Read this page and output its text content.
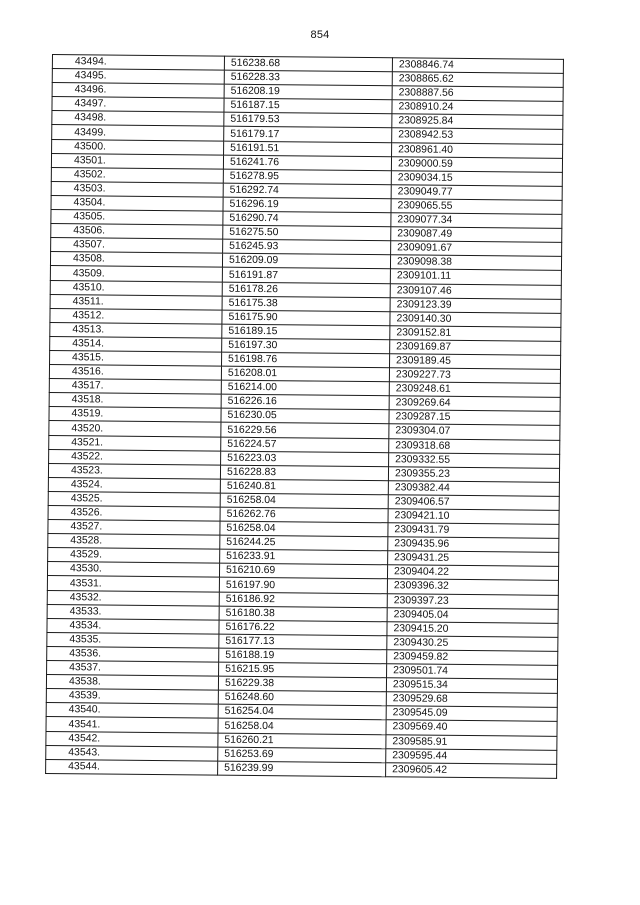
854
43494.	516238.68	2308846.74
43495.	516228.33	2308865.62
43496.	516208.19	2308887.56
43497.	516187.15	2308910.24
43498.	516179.53	2308925.84
43499.	516179.17	2308942.53
43500.	516191.51	2308961.40
43501.	516241.76	2309000.59
43502.	516278.95	2309034.15
43503.	516292.74	2309049.77
43504.	516296.19	2309065.55
43505.	516290.74	2309077.34
43506.	516275.50	2309087.49
43507.	516245.93	2309091.67
43508.	516209.09	2309098.38
43509.	516191.87	2309101.11
43510.	516178.26	2309107.46
43511.	516175.38	2309123.39
43512.	516175.90	2309140.30
43513.	516189.15	2309152.81
43514.	516197.30	2309169.87
43515.	516198.76	2309189.45
43516.	516208.01	2309227.73
43517.	516214.00	2309248.61
43518.	516226.16	2309269.64
43519.	516230.05	2309287.15
43520.	516229.56	2309304.07
43521.	516224.57	2309318.68
43522.	516223.03	2309332.55
43523.	516228.83	2309355.23
43524.	516240.81	2309382.44
43525.	516258.04	2309406.57
43526.	516262.76	2309421.10
43527.	516258.04	2309431.79
43528.	516244.25	2309435.96
43529.	516233.91	2309431.25
43530.	516210.69	2309404.22
43531.	516197.90	2309396.32
43532.	516186.92	2309397.23
43533.	516180.38	2309405.04
43534.	516176.22	2309415.20
43535.	516177.13	2309430.25
43536.	516188.19	2309459.82
43537.	516215.95	2309501.74
43538.	516229.38	2309515.34
43539.	516248.60	2309529.68
43540.	516254.04	2309545.09
43541.	516258.04	2309569.40
43542.	516260.21	2309585.91
43543.	516253.69	2309595.44
43544.	516239.99	2309605.42
